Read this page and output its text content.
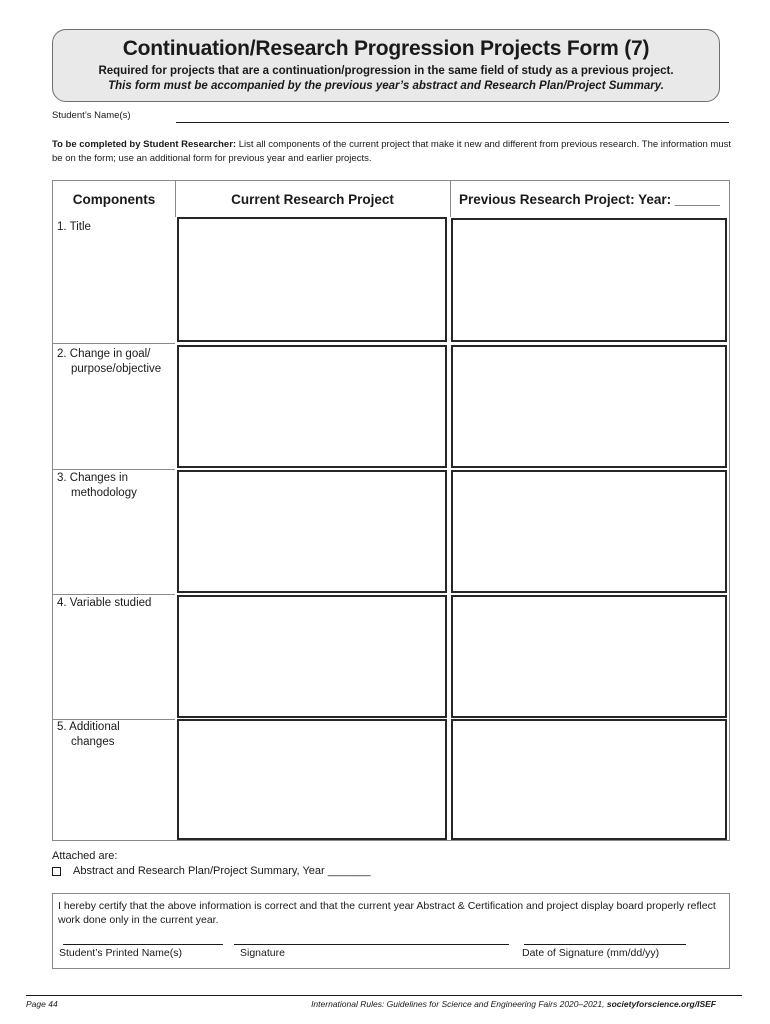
Continuation/Research Progression Projects Form (7)
Required for projects that are a continuation/progression in the same field of study as a previous project.
This form must be accompanied by the previous year’s abstract and Research Plan/Project Summary.
Student’s Name(s)
To be completed by Student Researcher: List all components of the current project that make it new and different from previous research. The information must be on the form; use an additional form for previous year and earlier projects.
Components	Current Research Project	Previous Research Project: Year: ______
1. Title
2. Change in goal/
purpose/objective
3. Changes in
methodology
4. Variable studied
5. Additional
changes
Attached are:
Abstract and Research Plan/Project Summary, Year _______
I hereby certify that the above information is correct and that the current year Abstract & Certification and project display board properly reflect work done only in the current year.
Student’s Printed Name(s)	Signature	Date of Signature (mm/dd/yy)
Page 44	International Rules: Guidelines for Science and Engineering Fairs 2020–2021, societyforscience.org/ISEF
